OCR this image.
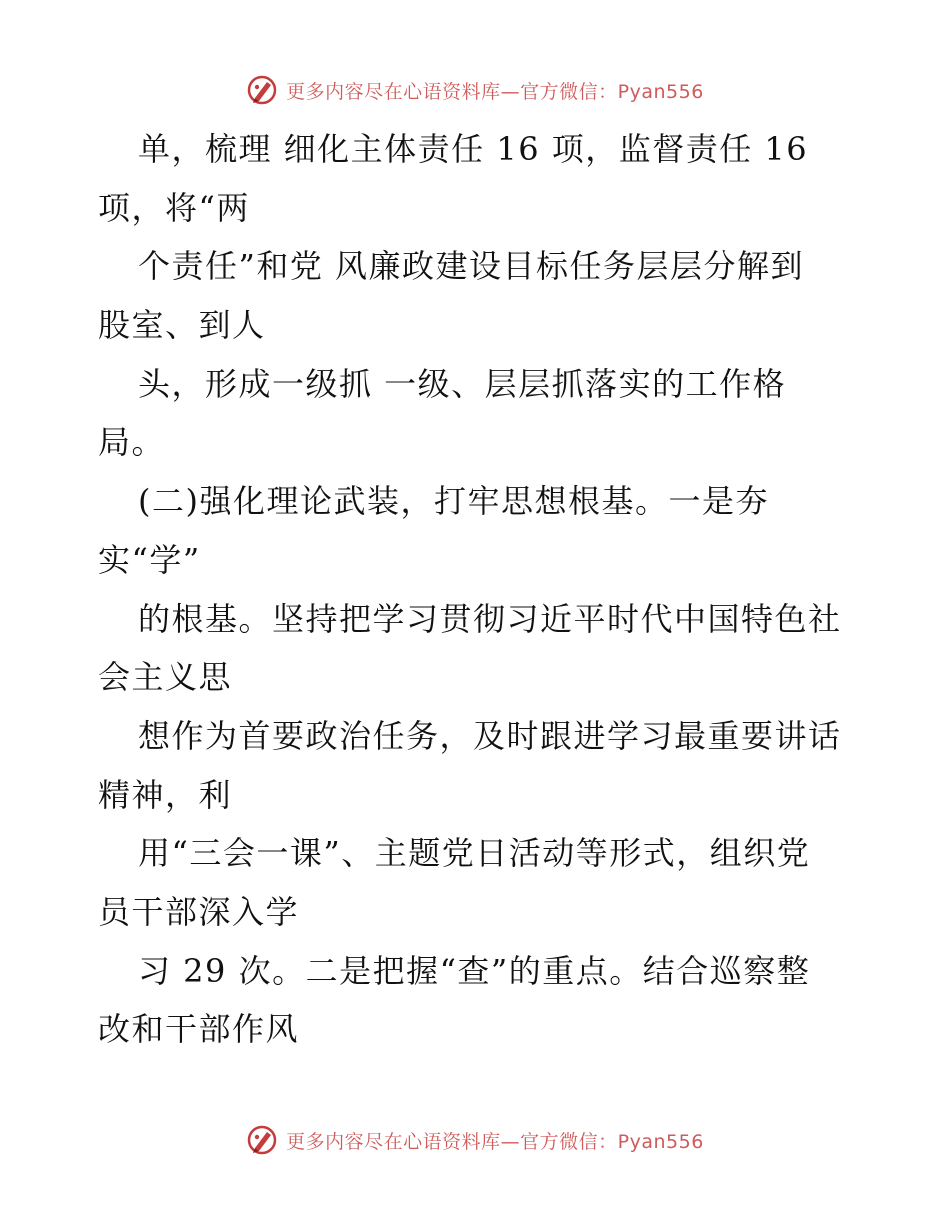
更多内容尽在心语资料库—官方微信：Pyan556
单，梳理 细化主体责任 16 项，监督责任 16
项，将“两
个责任”和党 风廉政建设目标任务层层分解到
股室、到人
头，形成一级抓 一级、层层抓落实的工作格
局。
(二)强化理论武装，打牢思想根基。一是夯
实“学”
的根基。坚持把学习贯彻习近平时代中国特色社
会主义思
想作为首要政治任务，及时跟进学习最重要讲话
精神，利
用“三会一课”、主题党日活动等形式，组织党
员干部深入学
习 29 次。二是把握“查”的重点。结合巡察整
改和干部作风
更多内容尽在心语资料库—官方微信：Pyan556
